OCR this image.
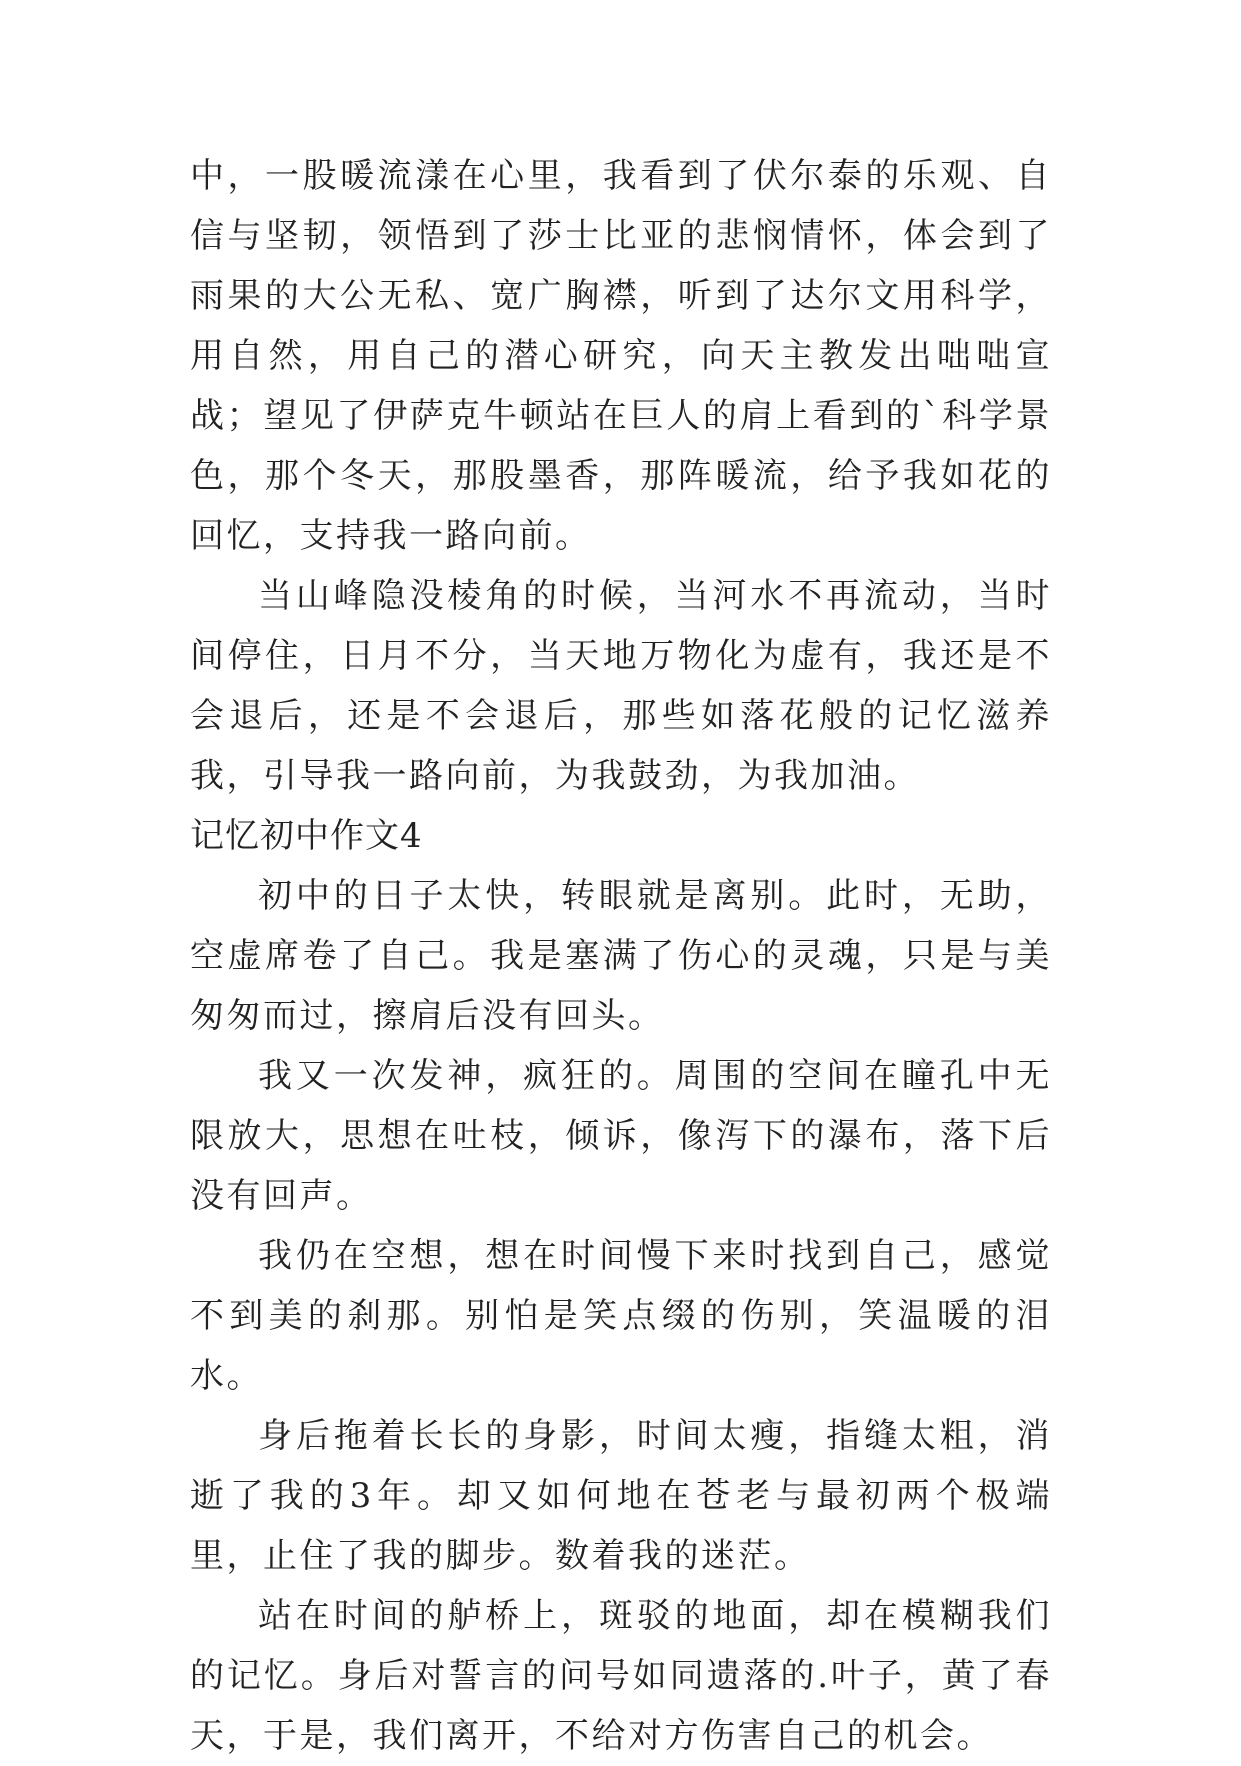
中，一股暖流漾在心里，我看到了伏尔泰的乐观、自信与坚韧，领悟到了莎士比亚的悲悯情怀，体会到了雨果的大公无私、宽广胸襟，听到了达尔文用科学，用自然，用自己的潜心研究，向天主教发出咄咄宣战；望见了伊萨克牛顿站在巨人的肩上看到的`科学景色，那个冬天，那股墨香，那阵暖流，给予我如花的回忆，支持我一路向前。

当山峰隐没棱角的时候，当河水不再流动，当时间停住，日月不分，当天地万物化为虚有，我还是不会退后，还是不会退后，那些如落花般的记忆滋养我，引导我一路向前，为我鼓劲，为我加油。

记忆初中作文4

初中的日子太快，转眼就是离别。此时，无助，空虚席卷了自己。我是塞满了伤心的灵魂，只是与美匆匆而过，擦肩后没有回头。

我又一次发神，疯狂的。周围的空间在瞳孔中无限放大，思想在吐枝，倾诉，像泻下的瀑布，落下后没有回声。

我仍在空想，想在时间慢下来时找到自己，感觉不到美的刹那。别怕是笑点缀的伤别，笑温暖的泪水。

身后拖着长长的身影，时间太瘦，指缝太粗，消逝了我的3年。却又如何地在苍老与最初两个极端里，止住了我的脚步。数着我的迷茫。

站在时间的舻桥上，斑驳的地面，却在模糊我们的记忆。身后对誓言的问号如同遗落的.叶子，黄了春天，于是，我们离开，不给对方伤害自己的机会。
